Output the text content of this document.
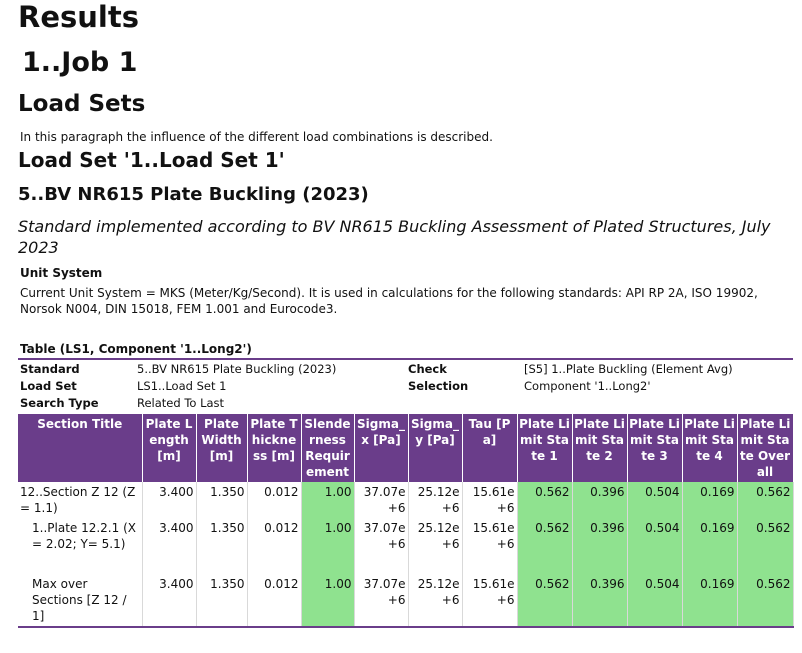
Results
1..Job 1
Load Sets
In this paragraph the influence of the different load combinations is described.
Load Set '1..Load Set 1'
5..BV NR615 Plate Buckling (2023)
Standard implemented according to BV NR615 Buckling Assessment of Plated Structures, July 2023
Unit System
Current Unit System = MKS (Meter/Kg/Second). It is used in calculations for the following standards: API RP 2A, ISO 19902, Norsok N004, DIN 15018, FEM 1.001 and Eurocode3.
Table (LS1, Component '1..Long2')
Standard	5..BV NR615 Plate Buckling (2023)	Check	[S5] 1..Plate Buckling (Element Avg)
Load Set	LS1..Load Set 1	Selection	Component '1..Long2'
Search Type	Related To Last
Section Title	Plate Length [m]	Plate Width [m]	Plate Thickness [m]	Slenderness Requirement	Sigma_x [Pa]	Sigma_y [Pa]	Tau [Pa]	Plate Limit State 1	Plate Limit State 2	Plate Limit State 3	Plate Limit State 4	Plate Limit State Overall
12..Section Z 12 (Z = 1.1)	3.400	1.350	0.012	1.00	37.07e+6	25.12e+6	15.61e+6	0.562	0.396	0.504	0.169	0.562
1..Plate 12.2.1 (X = 2.02; Y= 5.1)	3.400	1.350	0.012	1.00	37.07e+6	25.12e+6	15.61e+6	0.562	0.396	0.504	0.169	0.562

Max over Sections [Z 12 / 1]	3.400	1.350	0.012	1.00	37.07e+6	25.12e+6	15.61e+6	0.562	0.396	0.504	0.169	0.562
